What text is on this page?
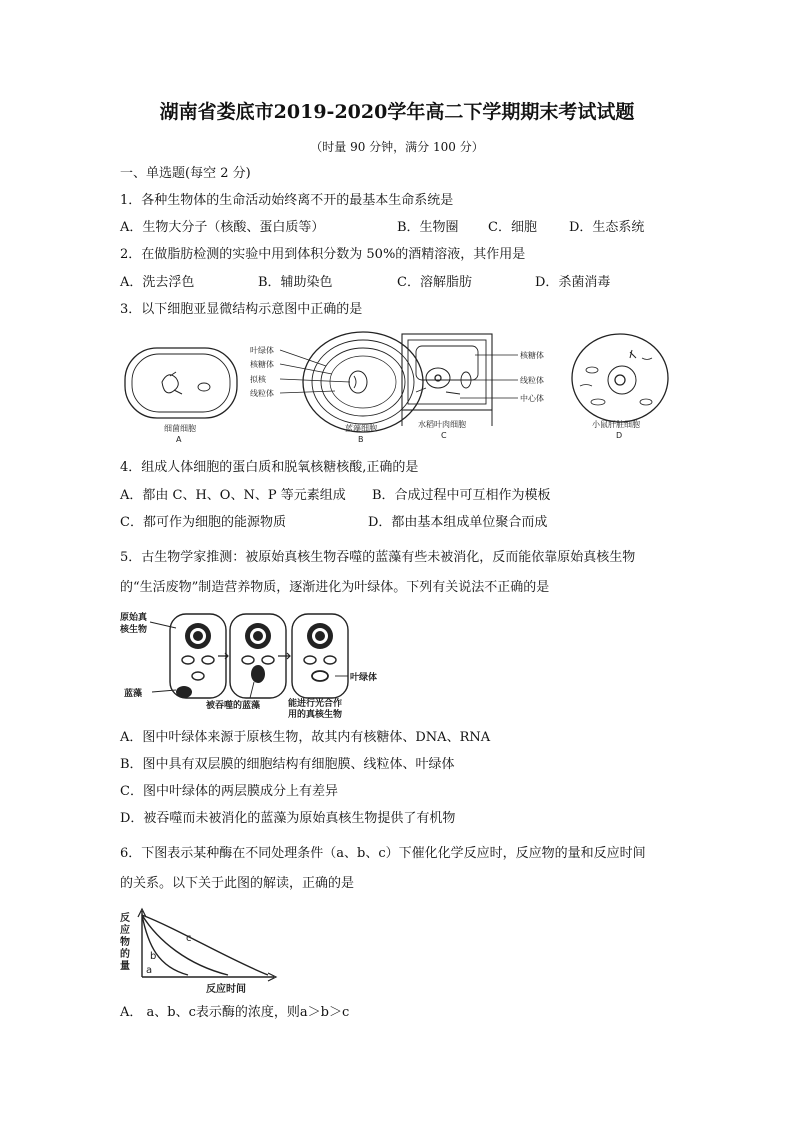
湖南省娄底市2019-2020学年高二下学期期末考试试题
（时量 90 分钟，满分 100 分）
一、单选题(每空 2 分)
1．各种生物体的生命活动始终离不开的最基本生命系统是
A．生物大分子（核酸、蛋白质等）	B．生物圈 C．细胞 D．生态系统
2．在做脂肪检测的实验中用到体积分数为 50%的酒精溶液，其作用是
A．洗去浮色	B．辅助染色	C．溶解脂肪	D．杀菌消毒
3．以下细胞亚显微结构示意图中正确的是
叶绿体
核糖体
拟核
线粒体
核糖体
线粒体
中心体
细菌细胞
A
蓝藻细胞
B
水稻叶肉细胞
C
小鼠肝脏细胞
D
4．组成人体细胞的蛋白质和脱氧核糖核酸,正确的是
A．都由 C、H、O、N、P 等元素组成 B．合成过程中可互相作为模板
C．都可作为细胞的能源物质	D．都由基本组成单位聚合而成
5．古生物学家推测：被原始真核生物吞噬的蓝藻有些未被消化，反而能依靠原始真核生物
的“生活废物”制造营养物质，逐渐进化为叶绿体。下列有关说法不正确的是
原始真
核生物
蓝藻
被吞噬的蓝藻
叶绿体
能进行光合作
用的真核生物
A．图中叶绿体来源于原核生物，故其内有核糖体、DNA、RNA
B．图中具有双层膜的细胞结构有细胞膜、线粒体、叶绿体
C．图中叶绿体的两层膜成分上有差异
D．被吞噬而未被消化的蓝藻为原始真核生物提供了有机物
6．下图表示某种酶在不同处理条件（a、b、c）下催化化学反应时，反应物的量和反应时间
的关系。以下关于此图的解读，正确的是
反
应
物
的
量
反应时间
a
b
c
A． a、b、c表示酶的浓度，则a＞b＞c
